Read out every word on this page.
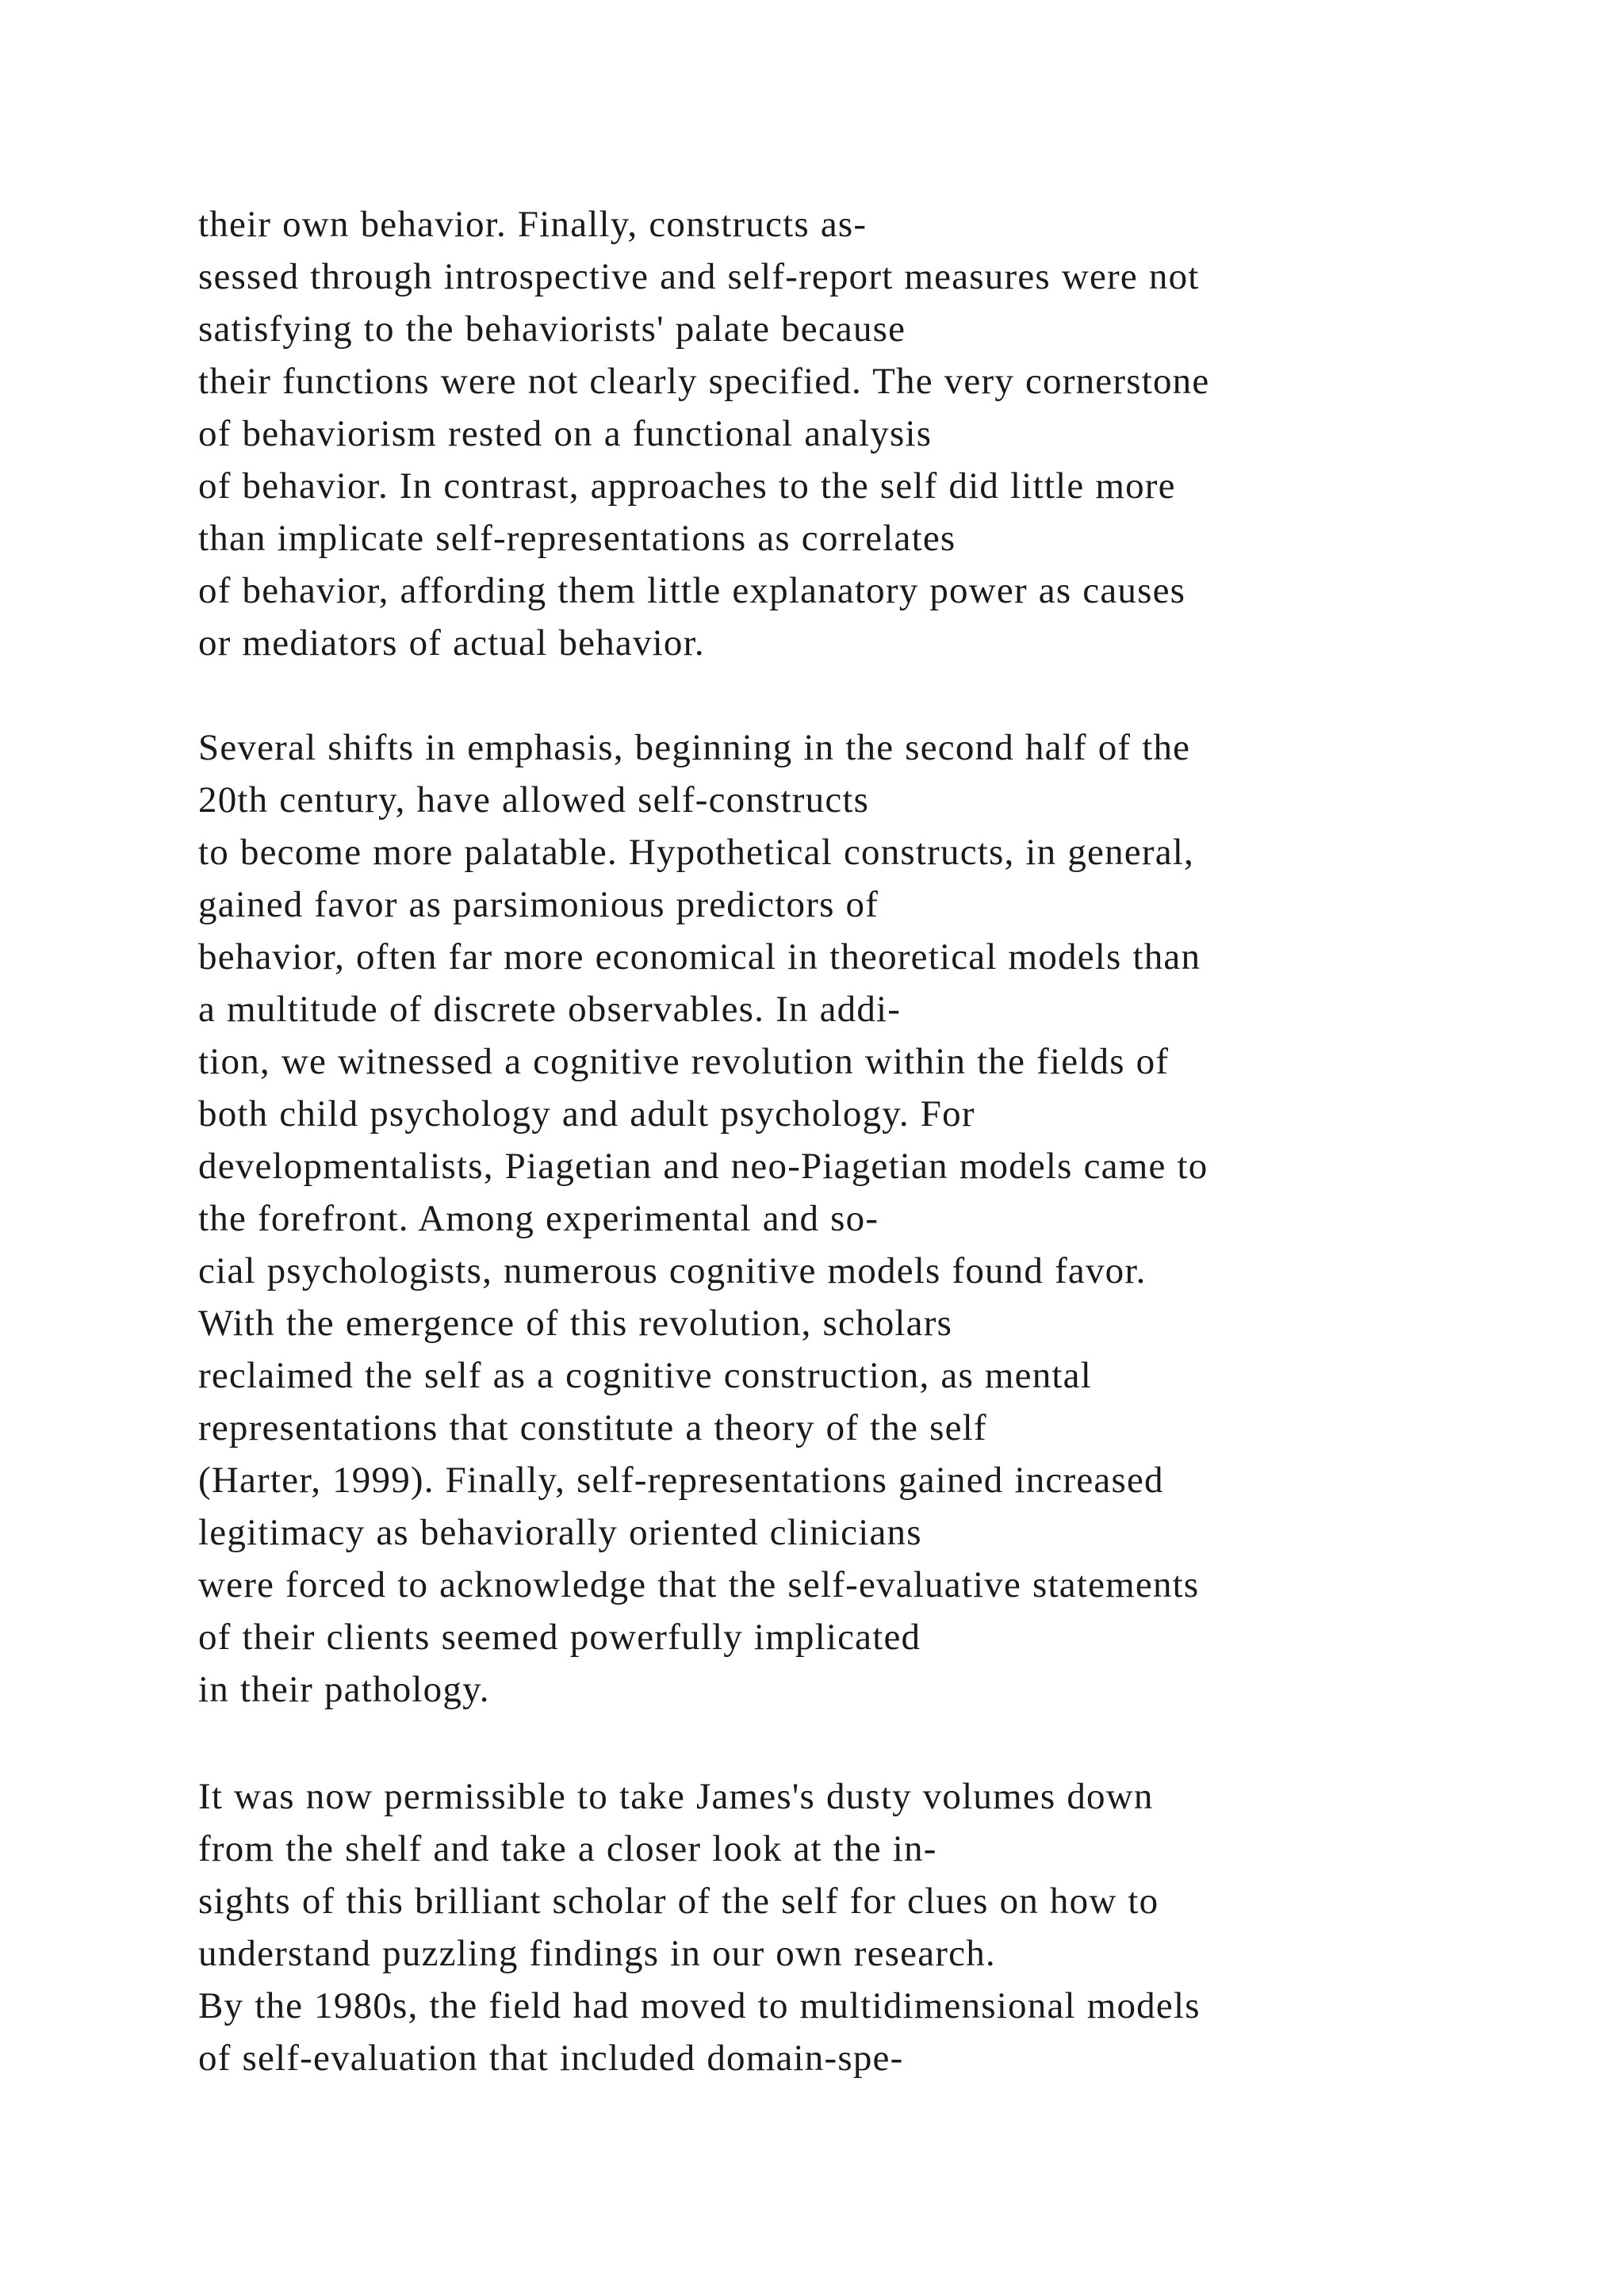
their own behavior. Finally, constructs as-
sessed through introspective and self-report measures were not
satisfying to the behaviorists' palate because
their functions were not clearly specified. The very cornerstone
of behaviorism rested on a functional analysis
of behavior. In contrast, approaches to the self did little more
than implicate self-representations as correlates
of behavior, affording them little explanatory power as causes
or mediators of actual behavior.
Several shifts in emphasis, beginning in the second half of the
20th century, have allowed self-constructs
to become more palatable. Hypothetical constructs, in general,
gained favor as parsimonious predictors of
behavior, often far more economical in theoretical models than
a multitude of discrete observables. In addi-
tion, we witnessed a cognitive revolution within the fields of
both child psychology and adult psychology. For
developmentalists, Piagetian and neo-Piagetian models came to
the forefront. Among experimental and so-
cial psychologists, numerous cognitive models found favor.
With the emergence of this revolution, scholars
reclaimed the self as a cognitive construction, as mental
representations that constitute a theory of the self
(Harter, 1999). Finally, self-representations gained increased
legitimacy as behaviorally oriented clinicians
were forced to acknowledge that the self-evaluative statements
of their clients seemed powerfully implicated
in their pathology.
It was now permissible to take James's dusty volumes down
from the shelf and take a closer look at the in-
sights of this brilliant scholar of the self for clues on how to
understand puzzling findings in our own research.
By the 1980s, the field had moved to multidimensional models
of self-evaluation that included domain-spe-
